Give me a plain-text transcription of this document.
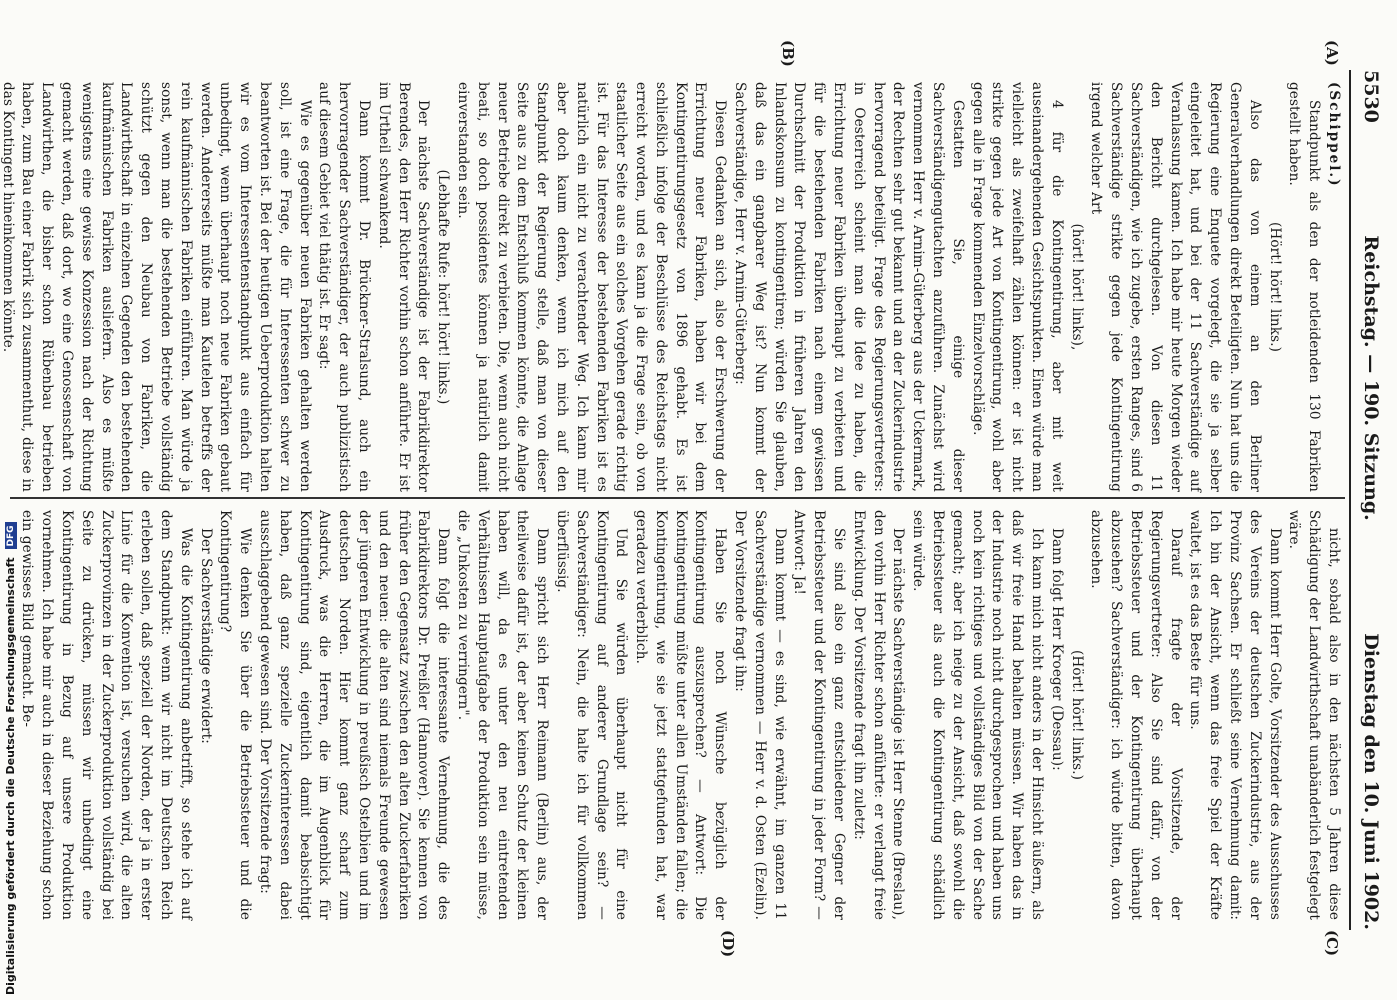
5530
Reichstag. — 190. Sitzung.
Dienstag den 10. Juni 1902.
(A)
(B)
(C)
(D)

(Schippel.)

Standpunkt als den der notleidenden 130 Fabriken gestellt haben.

(Hört! hört! links.)

Also das von einem an den Berliner Generalverhandlungen direkt Beteiligten. Nun hat uns die Regierung eine Enquete vorgelegt, die sie ja selber eingeleitet hat, und bei der 11 Sachverständige auf Veranlassung kamen. Ich habe mir heute Morgen wieder den Bericht durchgelesen. Von diesen 11 Sachverständigen, wie ich zugebe, ersten Ranges, sind 6 Sachverständige strikte gegen jede Kontingentirung irgend welcher Art

(hört! hört! links),

4 für die Kontingentirung, aber mit weit auseinandergehenden Gesichtspunkten. Einen würde man vielleicht als zweifelhaft zählen können: er ist nicht strikte gegen jede Art von Kontingentirung, wohl aber gegen alle in Frage kommenden Einzelvorschläge.

Gestatten Sie, einige dieser Sachverständigengutachten anzuführen. Zunächst wird vernommen Herr v. Arnim-Güterberg aus der Uckermark, der Rechten sehr gut bekannt und an der Zuckerindustrie hervorragend beteiligt. Frage des Regierungsvertreters: in Oesterreich scheint man die Idee zu haben, die Errichtung neuer Fabriken überhaupt zu verbieten und für die bestehenden Fabriken nach einem gewissen Durchschnitt der Produktion in früheren Jahren den Inlandskonsum zu kontingentiren; würden Sie glauben, daß das ein gangbarer Weg ist? Nun kommt der Sachverständige, Herr v. Arnim-Güterberg:

Diesen Gedanken an sich, also der Erschwerung der Errichtung neuer Fabriken, haben wir bei dem Kontingentirungsgesetz von 1896 gehabt. Es ist schließlich infolge der Beschlüsse des Reichstags nicht erreicht worden, und es kann ja die Frage sein, ob von staatlicher Seite aus ein solches Vorgehen gerade richtig ist. Für das Interesse der bestehenden Fabriken ist es natürlich ein nicht zu verachtender Weg. Ich kann mir aber doch kaum denken, wenn ich mich auf den Standpunkt der Regierung stelle, daß man von dieser Seite aus zu dem Entschluß kommen könnte, die Anlage neuer Betriebe direkt zu verbieten. Die, wenn auch nicht beati, so doch possidentes können ja natürlich damit einverstanden sein.

(Lebhafte Rufe: hört! hört! links.)

Der nächste Sachverständige ist der Fabrikdirektor Berendes, den Herr Richter vorhin schon anführte. Er ist im Urtheil schwankend.

Dann kommt Dr. Brückner-Stralsund, auch ein hervorragender Sachverständiger, der auch publizistisch auf diesem Gebiet viel thätig ist. Er sagt:

Wie es gegenüber neuen Fabriken gehalten werden soll, ist eine Frage, die für Interessenten schwer zu beantworten ist. Bei der heutigen Ueberproduktion halten wir es vom Interessentenstandpunkt aus einfach für unbedingt, wenn überhaupt noch neue Fabriken gebaut werden. Andererseits müßte man Kautelen betreffs der rein kaufmännischen Fabriken einführen. Man würde ja sonst, wenn man die bestehenden Betriebe vollständig schützt gegen den Neubau von Fabriken, die Landwirthschaft in einzelnen Gegenden den bestehenden kaufmännischen Fabriken ausliefern. Also es müßte wenigstens eine gewisse Konzession nach der Richtung gemacht werden, daß dort, wo eine Genossenschaft von Landwirthen, die bisher schon Rübenbau betrieben haben, zum Bau einer Fabrik sich zusammenthut, diese in das Kontingent hineinkommen könnte.

nicht, sobald also in den nächsten 5 Jahren diese Schädigung der Landwirthschaft unabänderlich festgelegt wäre.

Dann kommt Herr Golte, Vorsitzender des Ausschusses des Vereins der deutschen Zuckerindustrie, aus der Provinz Sachsen. Er schließt seine Vernehmung damit: Ich bin der Ansicht, wenn das freie Spiel der Kräfte waltet, ist es das Beste für uns.

Darauf fragte der Vorsitzende, der Regierungsvertreter: Also Sie sind dafür, von der Betriebssteuer und der Kontingentirung überhaupt abzusehen? Sachverständiger: ich würde bitten, davon abzusehen.

(Hört! hört! links.)

Dann folgt Herr Kroeger (Dessau):

Ich kann mich nicht anders in der Hinsicht äußern, als daß wir freie Hand behalten müssen. Wir haben das in der Industrie noch nicht durchgesprochen und haben uns noch kein richtiges und vollständiges Bild von der Sache gemacht; aber ich neige zu der Ansicht, daß sowohl die Betriebssteuer als auch die Kontingentirung schädlich sein würde.

Der nächste Sachverständige ist Herr Stenne (Breslau), den vorhin Herr Richter schon anführte: er verlangt freie Entwicklung. Der Vorsitzende fragt ihn zuletzt:

Sie sind also ein ganz entschiedener Gegner der Betriebssteuer und der Kontingentirung in jeder Form? — Antwort: Ja!

Dann kommt — es sind, wie erwähnt, im ganzen 11 Sachverständige vernommen — Herr v. d. Osten (Ezelin). Der Vorsitzende fragt ihn:

Haben Sie noch Wünsche bezüglich der Kontingentirung auszusprechen? — Antwort: Die Kontingentirung müßte unter allen Umständen fallen; die Kontingentirung, wie sie jetzt stattgefunden hat, war geradezu verderblich.

Und Sie würden überhaupt nicht für eine Kontingentirung auf anderer Grundlage sein? — Sachverständiger: Nein, die halte ich für vollkommen überflüssig.

Dann spricht sich Herr Reimann (Berlin) aus, der theilweise dafür ist, der aber keinen Schutz der kleinen haben will, da es unter den neu eintretenden Verhältnissen Hauptaufgabe der Produktion sein müsse, die „Unkosten zu verringern".

Dann folgt die interessante Vernehmung, die des Fabrikdirektors Dr. Preißler (Hannover). Sie kennen von früher den Gegensatz zwischen den alten Zuckerfabriken und den neuen: die alten sind niemals Freunde gewesen der jüngeren Entwicklung in preußisch Ostelbien und im deutschen Norden. Hier kommt ganz scharf zum Ausdruck, was die Herren, die im Augenblick für Kontingentirung sind, eigentlich damit beabsichtigt haben, daß ganz spezielle Zuckerinteressen dabei ausschlaggebend gewesen sind. Der Vorsitzende fragt:

Wie denken Sie über die Betriebssteuer und die Kontingentirung?

Der Sachverständige erwidert:

Was die Kontingentirung anbetrifft, so stehe ich auf dem Standpunkt: wenn wir nicht im Deutschen Reich erleben sollen, daß speziell der Norden, der ja in erster Linie für die Konvention ist, versuchen wird, die alten Zuckerprovinzen in der Zuckerproduktion vollständig bei Seite zu drücken, müssen wir unbedingt eine Kontingentirung in Bezug auf unsere Produktion vornehmen. Ich habe mir auch in dieser Beziehung schon ein gewisses Bild gemacht. Be-

Digitalisierung gefördert durch die Deutsche Forschungsgemeinschaft DFG
